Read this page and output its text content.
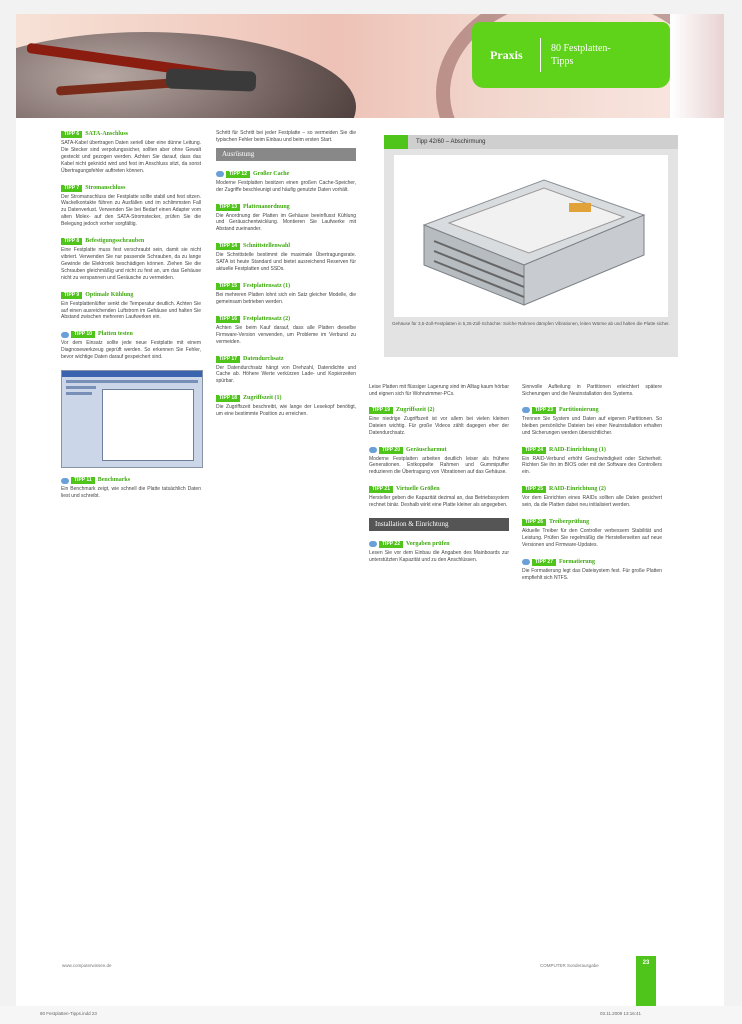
Praxis	80 Festplatten-
Tipps
Tipp 42/60 – Abschirmung
Gehäuse für 3,5-Zoll-Festplatten in 5,25-Zoll-Schächte: Solche Rahmen dämpfen Vibrationen, leiten Wärme ab und halten die Platte sicher.
TIPP 6	SATA-Anschluss

SATA-Kabel übertragen Daten seriell über eine dünne Leitung. Die Stecker sind verpolungssicher, sollten aber ohne Gewalt gesteckt und gezogen werden. Achten Sie darauf, dass das Kabel nicht geknickt wird und fest im Anschluss sitzt, da sonst Übertragungsfehler auftreten können.

TIPP 7	Stromanschluss

Der Stromanschluss der Festplatte sollte stabil und fest sitzen. Wackelkontakte führen zu Ausfällen und im schlimmsten Fall zu Datenverlust. Verwenden Sie bei Bedarf einen Adapter vom alten Molex- auf den SATA-Stromstecker, prüfen Sie die Belegung jedoch vorher sorgfältig.

TIPP 8	Befestigungsschrauben

Eine Festplatte muss fest verschraubt sein, damit sie nicht vibriert. Verwenden Sie nur passende Schrauben, da zu lange Gewinde die Elektronik beschädigen können. Ziehen Sie die Schrauben gleichmäßig und nicht zu fest an, um das Gehäuse nicht zu verspannen und Geräusche zu vermeiden.

TIPP 9	Optimale Kühlung

Ein Festplattenlüfter senkt die Temperatur deutlich. Achten Sie auf einen ausreichenden Luftstrom im Gehäuse und halten Sie Abstand zwischen mehreren Laufwerken ein.

TIPP 10	Platten testen

Vor dem Einsatz sollte jede neue Festplatte mit einem Diagnosewerkzeug geprüft werden. So erkennen Sie Fehler, bevor wichtige Daten darauf gespeichert sind.

TIPP 11	Benchmarks

Ein Benchmark zeigt, wie schnell die Platte tatsächlich Daten liest und schreibt.

Schritt für Schritt bei jeder Festplatte – so vermeiden Sie die typischen Fehler beim Einbau und beim ersten Start.

Ausrüstung
TIPP 12	Großer Cache

Moderne Festplatten besitzen einen großen Cache-Speicher, der Zugriffe beschleunigt und häufig genutzte Daten vorhält.

TIPP 13	Plattenanordnung

Die Anordnung der Platten im Gehäuse beeinflusst Kühlung und Geräuschentwicklung. Montieren Sie Laufwerke mit Abstand zueinander.

TIPP 14	Schnittstellenwahl

Die Schnittstelle bestimmt die maximale Übertragungsrate. SATA ist heute Standard und bietet ausreichend Reserven für aktuelle Festplatten und SSDs.

TIPP 15	Festplattensatz (1)

Bei mehreren Platten lohnt sich ein Satz gleicher Modelle, die gemeinsam betrieben werden.

TIPP 16	Festplattensatz (2)

Achten Sie beim Kauf darauf, dass alle Platten dieselbe Firmware-Version verwenden, um Probleme im Verbund zu vermeiden.

TIPP 17	Datendurchsatz

Der Datendurchsatz hängt von Drehzahl, Datendichte und Cache ab. Höhere Werte verkürzen Lade- und Kopierzeiten spürbar.

TIPP 18	Zugriffszeit (1)

Die Zugriffszeit beschreibt, wie lange der Lesekopf benötigt, um eine bestimmte Position zu erreichen.

Leise Platten mit flüssiger Lagerung sind im Alltag kaum hörbar und eignen sich für Wohnzimmer-PCs.

TIPP 19	Zugriffszeit (2)

Eine niedrige Zugriffszeit ist vor allem bei vielen kleinen Dateien wichtig. Für große Videos zählt dagegen eher der Datendurchsatz.

TIPP 20	Geräuscharmut

Moderne Festplatten arbeiten deutlich leiser als frühere Generationen. Entkoppelte Rahmen und Gummipuffer reduzieren die Übertragung von Vibrationen auf das Gehäuse.

TIPP 21	Virtuelle Größen

Hersteller geben die Kapazität dezimal an, das Betriebssystem rechnet binär. Deshalb wirkt eine Platte kleiner als angegeben.

Installation & Einrichtung
TIPP 22	Vorgaben prüfen

Lesen Sie vor dem Einbau die Angaben des Mainboards zur unterstützten Kapazität und zu den Anschlüssen.

Sinnvolle Aufteilung in Partitionen erleichtert spätere Sicherungen und die Neuinstallation des Systems.

TIPP 23	Partitionierung

Trennen Sie System und Daten auf eigenen Partitionen. So bleiben persönliche Dateien bei einer Neuinstallation erhalten und Sicherungen werden übersichtlicher.

TIPP 24	RAID-Einrichtung (1)

Ein RAID-Verbund erhöht Geschwindigkeit oder Sicherheit. Richten Sie ihn im BIOS oder mit der Software des Controllers ein.

TIPP 25	RAID-Einrichtung (2)

Vor dem Einrichten eines RAIDs sollten alle Daten gesichert sein, da die Platten dabei neu initialisiert werden.

TIPP 26	Treiberprüfung

Aktuelle Treiber für den Controller verbessern Stabilität und Leistung. Prüfen Sie regelmäßig die Herstellerseiten auf neue Versionen und Firmware-Updates.

TIPP 27	Formatierung

Die Formatierung legt das Dateisystem fest. Für große Platten empfiehlt sich NTFS.

www.computerwissen.de	COMPUTER Sonderausgabe	23
80 Festplatten-Tipps.indd 23	03.11.2009 13:16:41
